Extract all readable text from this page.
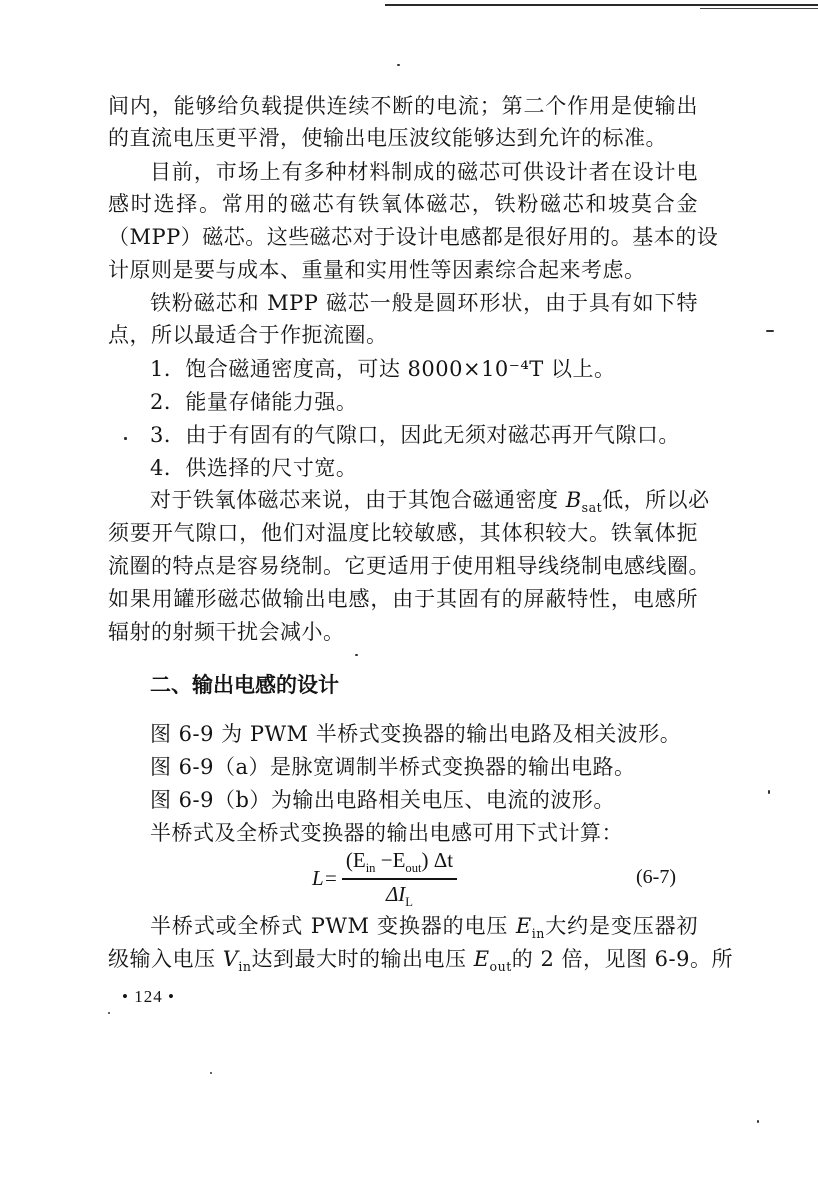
间内，能够给负载提供连续不断的电流；第二个作用是使输出
的直流电压更平滑，使输出电压波纹能够达到允许的标准。
目前，市场上有多种材料制成的磁芯可供设计者在设计电
感时选择。常用的磁芯有铁氧体磁芯，铁粉磁芯和坡莫合金
（MPP）磁芯。这些磁芯对于设计电感都是很好用的。基本的设
计原则是要与成本、重量和实用性等因素综合起来考虑。
铁粉磁芯和 MPP 磁芯一般是圆环形状，由于具有如下特
点，所以最适合于作扼流圈。
1．饱合磁通密度高，可达 8000×10⁻⁴T 以上。
2．能量存储能力强。
3．由于有固有的气隙口，因此无须对磁芯再开气隙口。
4．供选择的尺寸宽。
对于铁氧体磁芯来说，由于其饱合磁通密度 $B_{sat}$低，所以必
须要开气隙口，他们对温度比较敏感，其体积较大。铁氧体扼
流圈的特点是容易绕制。它更适用于使用粗导线绕制电感线圈。
如果用罐形磁芯做输出电感，由于其固有的屏蔽特性，电感所
辐射的射频干扰会减小。
二、输出电感的设计
图 6-9 为 PWM 半桥式变换器的输出电路及相关波形。
图 6-9（a）是脉宽调制半桥式变换器的输出电路。
图 6-9（b）为输出电路相关电压、电流的波形。
半桥式及全桥式变换器的输出电感可用下式计算：
$L= \frac{(E_{in} -E_{out}) \Delta t}{\Delta I_L}$	(6-7)
半桥式或全桥式 PWM 变换器的电压 $E_{in}$大约是变压器初
级输入电压 $V_{in}$达到最大时的输出电压 $E_{out}$的 2 倍，见图 6-9。所
• 124 •
